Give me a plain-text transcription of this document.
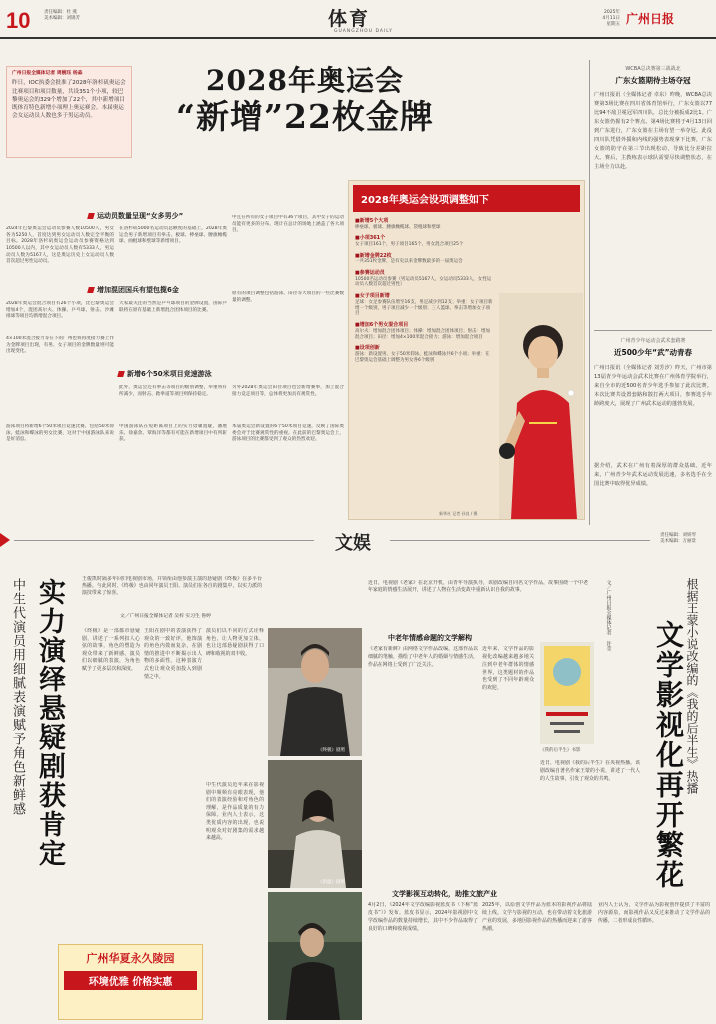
10	责任编辑：杜 燕
美术编辑：刘锦芳	体育
GUANGZHOU DAILY
2025年
4月11日
星期五 广州日报
广州日报全媒体记者 周婉珏 杨淼
昨日，IOC执委会批准了2028年洛杉矶奥运会比赛项目和项目数量，共设351个小项，较巴黎奥运会的329个增加了22个，其中新增项目既体育特色新增小项理上奥运赛会。本届奥运会女运动员人数也多于男运动员。
2028年奥运会
“新增”22枚金牌
WCBA总决赛第三战战北
广东女篮期待主场夺冠
广州日报讯（全媒体记者 卓东）昨晚，WCBA总决赛第3场比赛在四川省体育馆举行，广东女篮以77比94不敌卫冕冠军四川队，总比分被扳成2比1。广东女篮仍握有2个赛点。第4场比赛将于4月13日回到广东进行，广东女篮在主场有望一举夺冠。此役四川队凭借外援和内线的强势表现拿下比赛，广东女篮的防守在第三节出现松动，导致比分差距拉大。赛后，主教练表示球队需要尽快调整状态，在主场全力以赴。
广州青少年运动会武术套路赛
近500少年“武”动青春
广州日报讯（全媒体记者 刘芳汐）昨天，广州市第13届青少年运动会武术比赛在广州体育学院举行，来自全市的近500名青少年选手参加了此次比赛。本次比赛共设置套路和散打两大项目，参赛选手年龄跨度大，展现了广州武术运动的蓬勃发展。
据介绍，武术在广州有着深厚的群众基础。近年来，广州青少年武术运动发展迅速，多名选手在全国比赛中取得优异成绩。
运动员数量呈现“女多男少”
2024年巴黎奥运会运动员参赛人数10500人，男女各为5250人，首度达到男女运动员人数完全平衡的目标。2028年洛杉矶奥运会运动员参赛资格达到10500人以内，其中女运动员人数有5333人，男运动员人数为5167人，这是奥运历史上女运动员人数首次超过男性运动员。
在洛杉矶5000名运动员总额度的基础上，2028年奥运会男子新增项目有拳击、板球、棒垒球、腰旗橄榄球、曲棍球和壁球等新增项目。
中且在所有的女子项目中有36个项目，其中女子的运动员能有更多的分布，现计在总计的场地上涵盖了各大项目。
增加混团国兵有望包揽6金
2028年奥运会混合项目有26个小项，比巴黎奥运会增加4个，混团高尔夫、体操、乒乓球、射击、沙滩排球等项目均新增混合项目。
4×100米混合接力等在下的广州也将再度接力赛上作为金牌项目出现，有男、女子项目的金牌数量则可能出现变化。
大家最关注的当然是乒乓球项目的金牌设置，国际乒联将在原有基础上新增混合团体项目的比赛。
原有的项目调整包括游泳、田径等大项目的一些比赛数量的调整。
新增6个50米项目竞速游泳
游泳项目将新增6个50米项目竞速比赛，包括50米仰泳、蛙泳和蝶泳的男女比赛，这对于中国游泳队来说是好消息。
中国游泳队在短距离项目上的实力毋庸置疑，潘展乐、徐嘉余、覃海洋等都有可能在新增项目中有所斩获。
另外2028年奥运会田径项目也会新增赛事，加上混合接力竞走项目等，总体将更加具有观赏性。
本届奥运会新设置的6个50米项目竞速，反映了国际奥委会对于比赛观赏性的重视。在此前的巴黎奥运会上，游泳项目的比赛都受到了观众的热烈欢迎。
此外，奥运会还有拳击等项目的级别调整，举重将有所减少，而射击、跆拳道等项目则保持稳定。
2028年奥运会设项调整如下
■新增5个大项
棒垒球、板球、腰旗橄榄球、袋棍球和壁球
■小项361个
女子项目161个，男子项目165个，男女混合项目25个
■新增金牌22枚
一共351枚金牌，是有史以来金牌数最多的一届奥运会
■参赛运动员
10500名运动员参赛（男运动员5167人，女运动员5333人，女性运动员人数首次超过男性）
■女子项目新增
足球：女足参赛队伍增至16支，男足减少到12支；举重：女子项目新增一个级别，男子项目减少一个级别；三人篮球、拳击等增加女子项目
■增加6个男女混合项目
高尔夫：增加混合团体项目；体操：增加混合团体项目；射击：增加混合项目；田径：增加4×100米混合接力；游泳：增加混合项目
■设项创新
游泳：新设置男、女子50米仰泳、蛙泳和蝶泳共6个小项；举重：在巴黎奥运会基础上调整为男女各6个级别
新华社 记者 孙良 / 摄
文娱	责任编辑：刘妍琴
美术编辑：万丽景
中生代演员用细腻表演赋予角色新鲜感 实力演绎悬疑剧获肯定	王俊凯时隔多年回归电视剧市场，并领衔由他参演主演的悬疑剧《终极》在多平台热播。与此同时，《终极》也由同年演员王阳、演员们在各自的剧集中，以实力派的演技带来了惊喜。
文／广州日报全媒体记者 吴梓 实习生 鲁婷
《终极》是一部都市悬疑剧，讲述了一系列扣人心弦的故事，角色的塑造为观众带来了新鲜感。演员们以细腻的表演，为角色赋予了更多层次和深度。
王阳在剧中的表演获得了观众的一致好评，他饰演的角色内敛而复杂，在剧情的推进中不断揭示出人物的多面性。这种表演方式也让观众更加投入到剧情之中。
演员们以不同的方式诠释角色，让人物更加立体，也让这部悬疑剧获得了口碑和收视的双丰收。
中生代演员近年来在影视剧中频频有亮眼表现，他们的表演经验和对角色的理解，是作品质量的有力保障。业内人士表示，这类优质内容的出现，也说明观众对好剧集的需求越来越高。
广州华夏永久陵园
环境优雅 价格实惠
《终极》剧照
《余温》剧照
近日，电视剧《老家》在北京开机，由青年导演执导，该剧改编自同名文学作品，故事围绕一个中老年家庭的情感生活展开，讲述了人物在生活变故中重新认识自我的故事。
中老年情感命题的文学解构
《老家有新鲜》由网络文学作品改编。这部作品以细腻的笔触，描绘了中老年人的婚姻与情感生活，作品在网络上受到了广泛关注。
近年来，文学作品的影视化改编越来越多地关注到中老年群体的情感世界，这类题材的作品也受到了不同年龄观众的欢迎。
《我的后半生》书影	根据王蒙小说改编的《我的后半生》热播
文学影视化再开繁花
文／广州日报全媒体记者 许莹
近日，电视剧《我的后半生》在央视热播。该剧改编自著名作家王蒙的小说，讲述了一代人的人生故事，引发了观众的共鸣。
文学影视互动转化，助推文旅产业
4月2日，《2024年文学改编影视蓝皮书（下称“蓝皮书”）》发布。蓝皮书显示，2024年影视剧中文学改编作品的数量持续增长，其中不少作品取得了良好的口碑和收视成绩。
2025年，以原创文学作品为蓝本的影视作品将陆续上线。文学与影视的互动，也在带动着文化旅游产业的发展，多地因影视作品的热播而迎来了游客热潮。
业内人士认为，文学作品为影视创作提供了丰富的内容源泉，而影视作品又反过来推动了文学作品的传播，二者形成良性循环。
